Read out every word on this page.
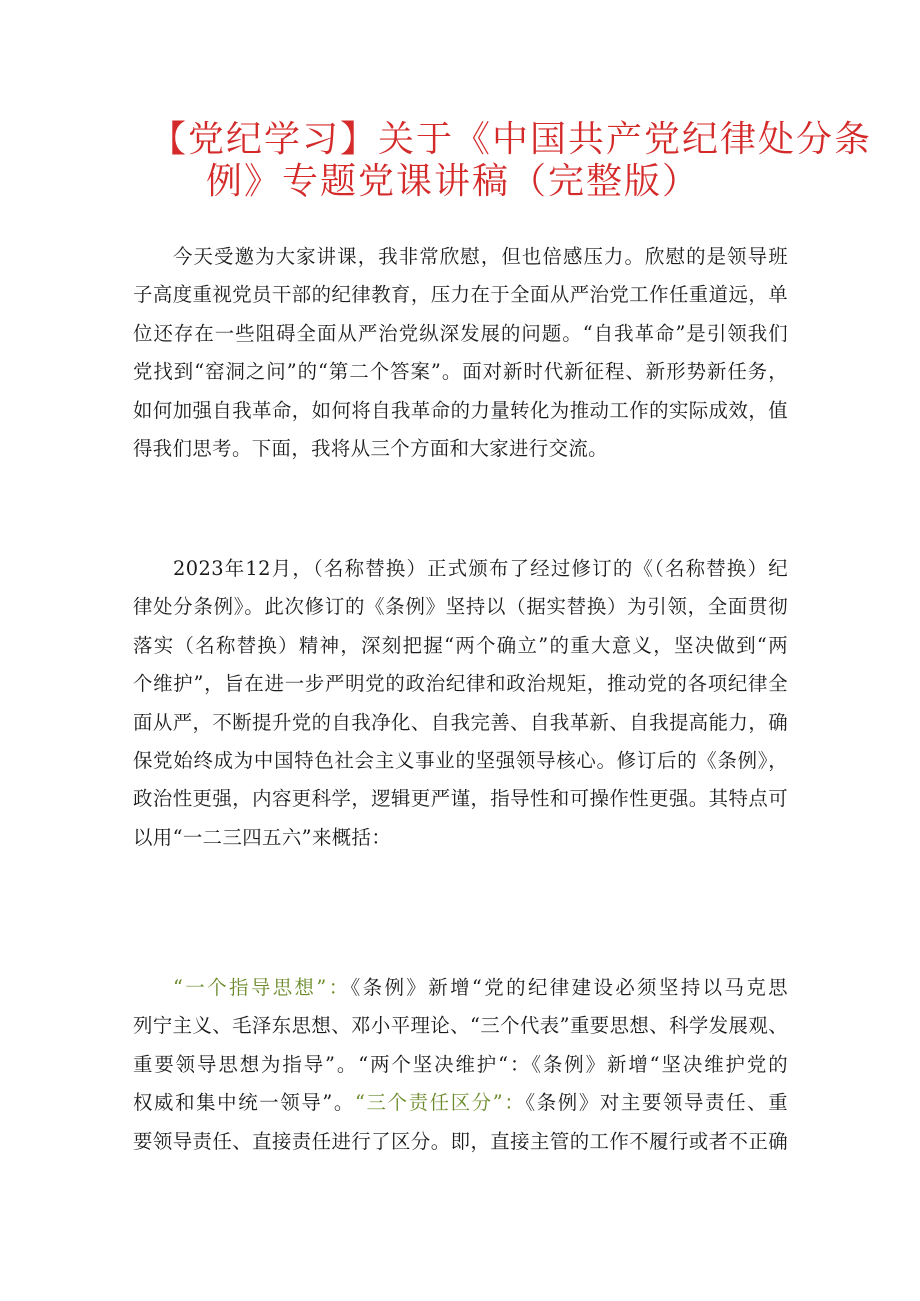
【党纪学习】关于《中国共产党纪律处分条
例》专题党课讲稿（完整版）

今天受邀为大家讲课，我非常欣慰，但也倍感压力。欣慰的是领导班
子高度重视党员干部的纪律教育，压力在于全面从严治党工作任重道远，单
位还存在一些阻碍全面从严治党纵深发展的问题。“自我革命”是引领我们
党找到“窑洞之问”的“第二个答案”。面对新时代新征程、新形势新任务，
如何加强自我革命，如何将自我革命的力量转化为推动工作的实际成效，值
得我们思考。下面，我将从三个方面和大家进行交流。

2023年12月，（名称替换）正式颁布了经过修订的《（名称替换）纪
律处分条例》。此次修订的《条例》坚持以（据实替换）为引领，全面贯彻
落实（名称替换）精神，深刻把握“两个确立”的重大意义，坚决做到“两
个维护”，旨在进一步严明党的政治纪律和政治规矩，推动党的各项纪律全
面从严，不断提升党的自我净化、自我完善、自我革新、自我提高能力，确
保党始终成为中国特色社会主义事业的坚强领导核心。修订后的《条例》，
政治性更强，内容更科学，逻辑更严谨，指导性和可操作性更强。其特点可
以用“一二三四五六”来概括：

“一个指导思想”：《条例》新增“党的纪律建设必须坚持以马克思
列宁主义、毛泽东思想、邓小平理论、“三个代表”重要思想、科学发展观、
重要领导思想为指导”。“两个坚决维护“：《条例》新增“坚决维护党的
权威和集中统一领导”。“三个责任区分”：《条例》对主要领导责任、重
要领导责任、直接责任进行了区分。即，直接主管的工作不履行或者不正确
